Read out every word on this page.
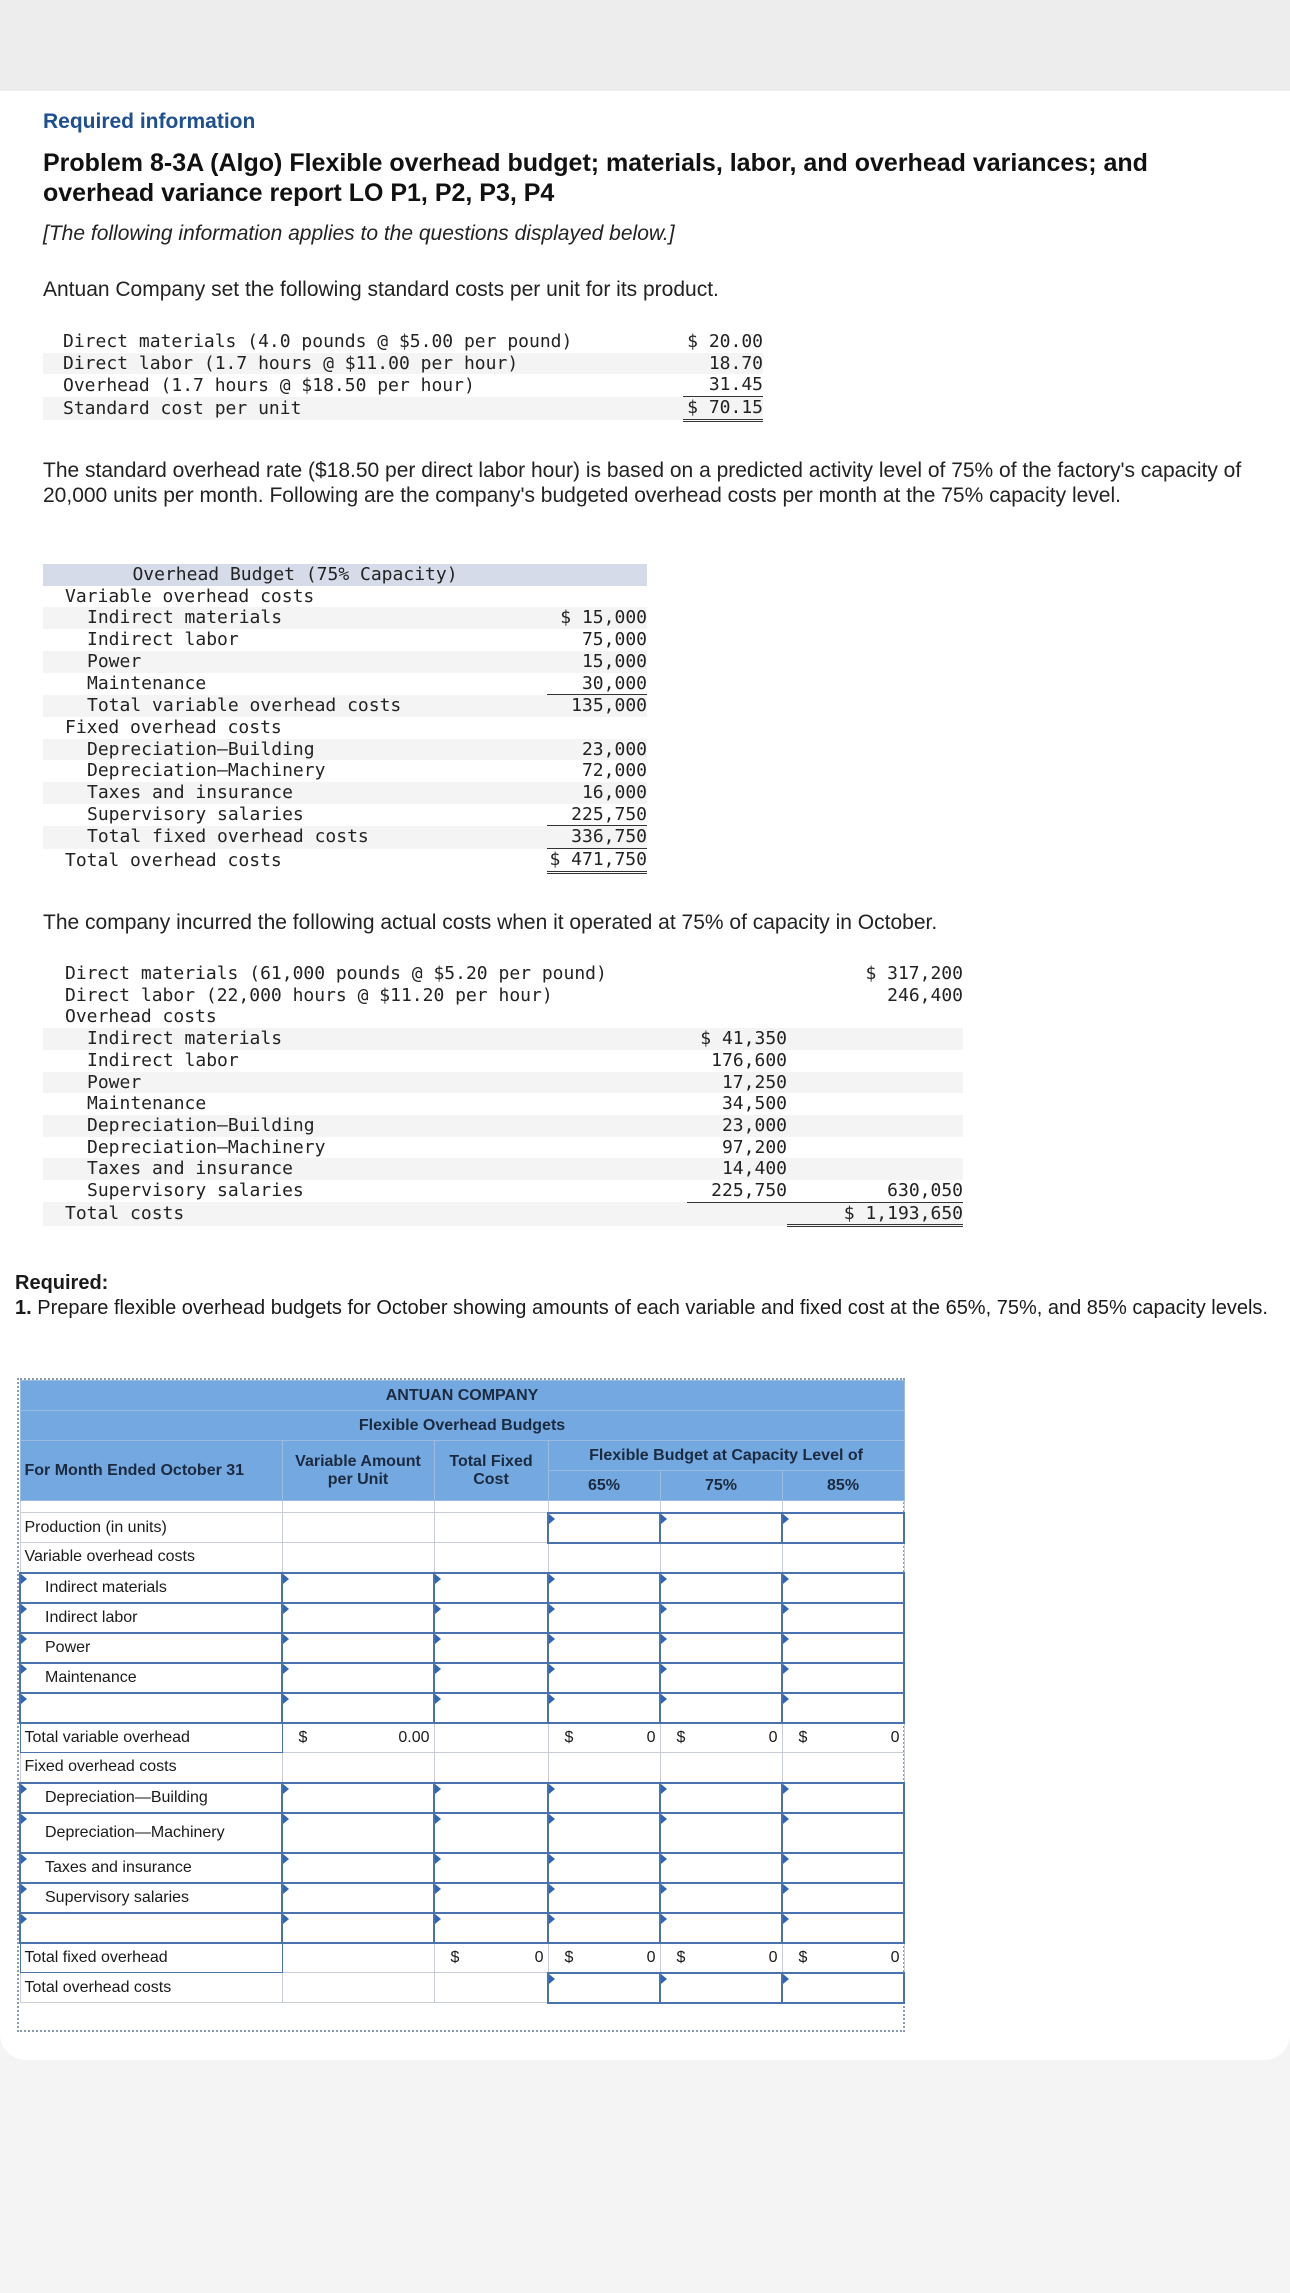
Required information
Problem 8-3A (Algo) Flexible overhead budget; materials, labor, and overhead variances; and overhead variance report LO P1, P2, P3, P4
[The following information applies to the questions displayed below.]
Antuan Company set the following standard costs per unit for its product.
	Direct materials (4.0 pounds @ $5.00 per pound)	$ 20.00
	Direct labor (1.7 hours @ $11.00 per hour)	18.70
	Overhead (1.7 hours @ $18.50 per hour)	31.45
	Standard cost per unit	$ 70.15
The standard overhead rate ($18.50 per direct labor hour) is based on a predicted activity level of 75% of the factory's capacity of 20,000 units per month. Following are the company's budgeted overhead costs per month at the 75% capacity level.
Overhead Budget (75% Capacity)			
	Variable overhead costs		
		Indirect materials	$ 15,000
		Indirect labor	75,000
		Power	15,000
		Maintenance	30,000
		Total variable overhead costs	135,000
	Fixed overhead costs		
		Depreciation—Building	23,000
		Depreciation—Machinery	72,000
		Taxes and insurance	16,000
		Supervisory salaries	225,750
		Total fixed overhead costs	336,750
	Total overhead costs		$ 471,750
The company incurred the following actual costs when it operated at 75% of capacity in October.
	Direct materials (61,000 pounds @ $5.20 per pound)			$ 317,200
	Direct labor (22,000 hours @ $11.20 per hour)			246,400
	Overhead costs			
		Indirect materials	$ 41,350	
		Indirect labor	176,600	
		Power	17,250	
		Maintenance	34,500	
		Depreciation—Building	23,000	
		Depreciation—Machinery	97,200	
		Taxes and insurance	14,400	
		Supervisory salaries	225,750	630,050
	Total costs			$ 1,193,650
Required:
1. Prepare flexible overhead budgets for October showing amounts of each variable and fixed cost at the 65%, 75%, and 85% capacity levels.
ANTUAN COMPANY					
Flexible Overhead Budgets					
For Month Ended October 31	Variable Amount per Unit	Total Fixed Cost	Flexible Budget at Capacity Level of		
			65%	75%	85%

Production (in units)					
Variable overhead costs					
Indirect materials					
Indirect labor					
Power					
Maintenance					

Total variable overhead	$ 0.00		$ 0	$ 0	$ 0

Fixed overhead costs					
Depreciation—Building					
Depreciation—Machinery					
Taxes and insurance					
Supervisory salaries					

Total fixed overhead		$ 0	$ 0	$ 0	$ 0

Total overhead costs					
